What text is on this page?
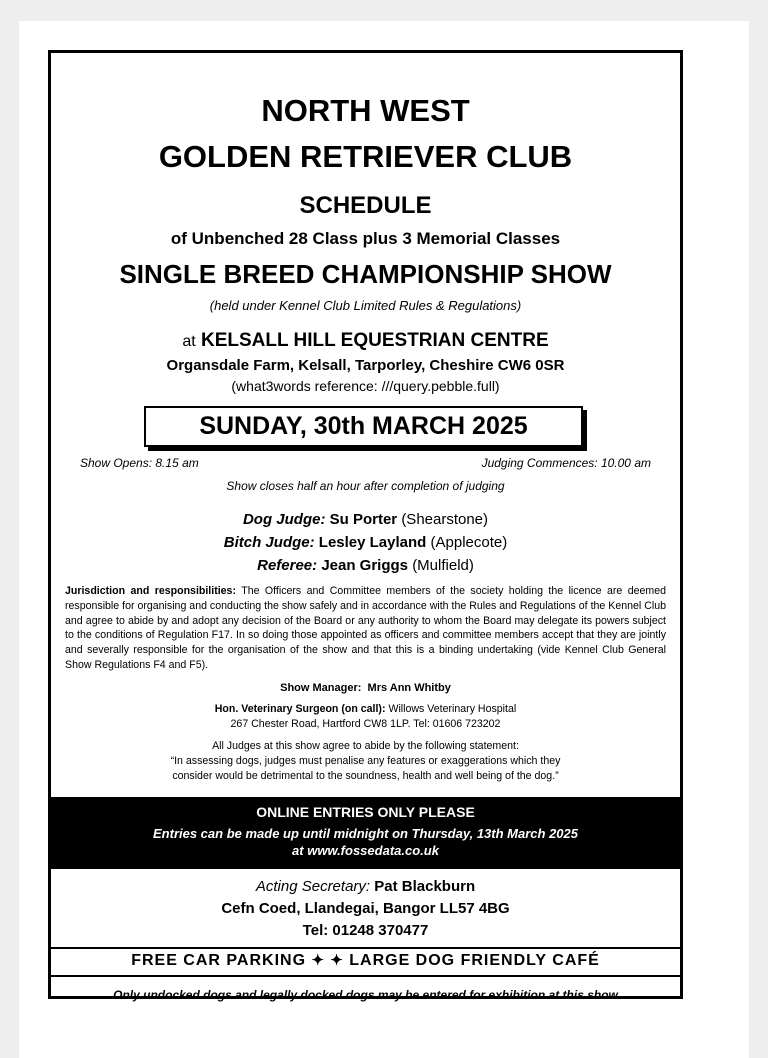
NORTH WEST
GOLDEN RETRIEVER CLUB
SCHEDULE
of Unbenched 28 Class plus 3 Memorial Classes
SINGLE BREED CHAMPIONSHIP SHOW
(held under Kennel Club Limited Rules & Regulations)
at KELSALL HILL EQUESTRIAN CENTRE
Organsdale Farm, Kelsall, Tarporley, Cheshire CW6 0SR
(what3words reference: ///query.pebble.full)
SUNDAY, 30th MARCH 2025
Show Opens: 8.15 am	Judging Commences: 10.00 am
Show closes half an hour after completion of judging
Dog Judge: Su Porter (Shearstone)
Bitch Judge: Lesley Layland (Applecote)
Referee: Jean Griggs (Mulfield)
Jurisdiction and responsibilities: The Officers and Committee members of the society holding the licence are deemed responsible for organising and conducting the show safely and in accordance with the Rules and Regulations of the Kennel Club and agree to abide by and adopt any decision of the Board or any authority to whom the Board may delegate its powers subject to the conditions of Regulation F17. In so doing those appointed as officers and committee members accept that they are jointly and severally responsible for the organisation of the show and that this is a binding undertaking (vide Kennel Club General Show Regulations F4 and F5).
Show Manager: Mrs Ann Whitby
Hon. Veterinary Surgeon (on call): Willows Veterinary Hospital
267 Chester Road, Hartford CW8 1LP. Tel: 01606 723202
All Judges at this show agree to abide by the following statement:
“In assessing dogs, judges must penalise any features or exaggerations which they
consider would be detrimental to the soundness, health and well being of the dog.”
ONLINE ENTRIES ONLY PLEASE
Entries can be made up until midnight on Thursday, 13th March 2025
at www.fossedata.co.uk
Acting Secretary: Pat Blackburn
Cefn Coed, Llandegai, Bangor LL57 4BG
Tel: 01248 370477
FREE CAR PARKING ✦ ✦ LARGE DOG FRIENDLY CAFÉ
Only undocked dogs and legally docked dogs may be entered for exhibition at this show
